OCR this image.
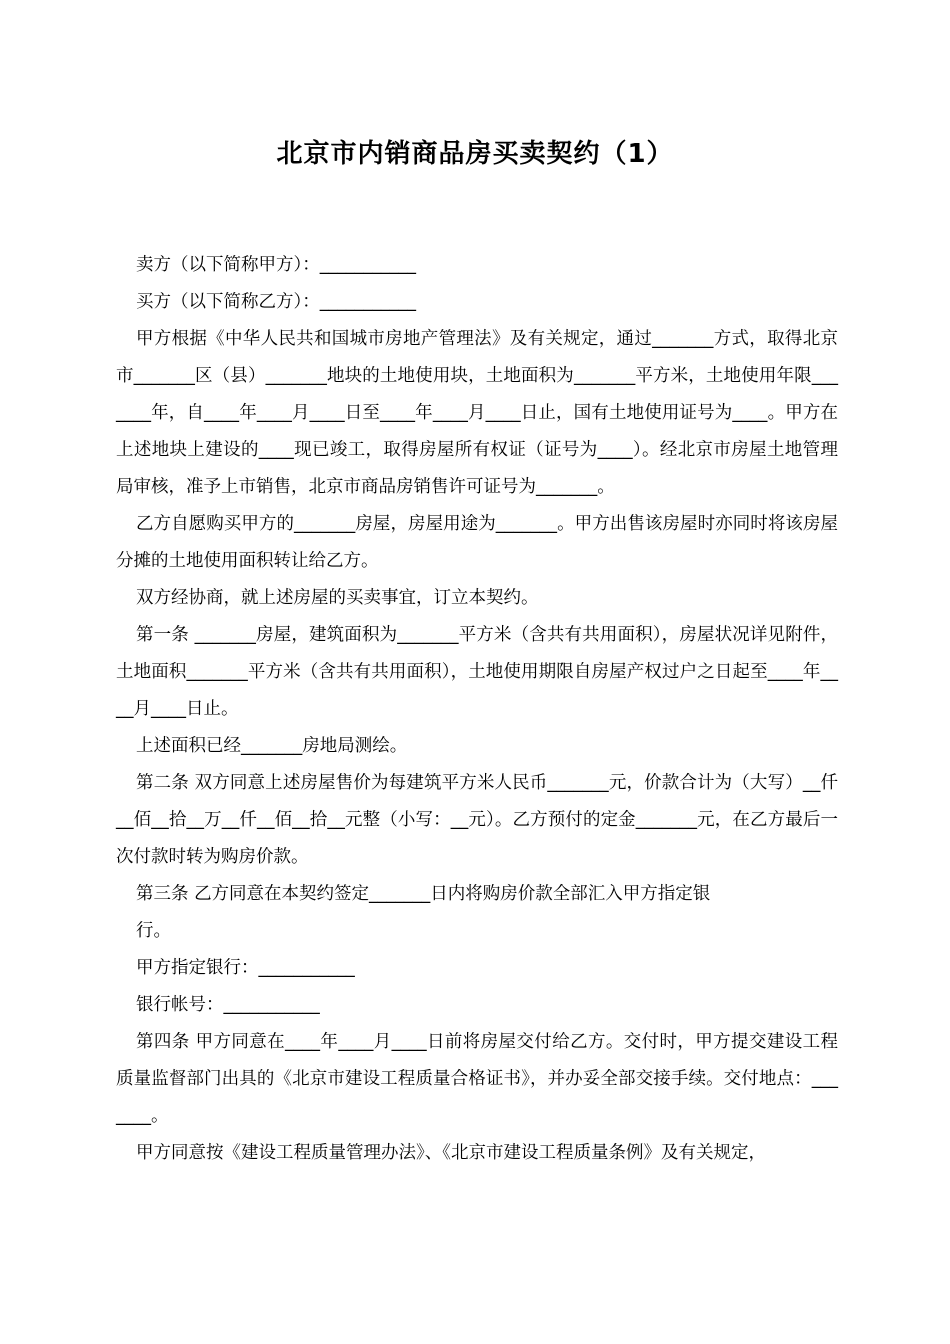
北京市内销商品房买卖契约（1）

卖方（以下简称甲方）：___________

买方（以下简称乙方）：___________

甲方根据《中华人民共和国城市房地产管理法》及有关规定，通过_______方式，取得北京市_______区（县）_______地块的土地使用块，土地面积为_______平方米，土地使用年限_______年，自____年____月____日至____年____月____日止，国有土地使用证号为____。甲方在上述地块上建设的____现已竣工，取得房屋所有权证（证号为____）。经北京市房屋土地管理局审核，准予上市销售，北京市商品房销售许可证号为_______。

乙方自愿购买甲方的_______房屋，房屋用途为_______。甲方出售该房屋时亦同时将该房屋分摊的土地使用面积转让给乙方。

双方经协商，就上述房屋的买卖事宜，订立本契约。

第一条 _______房屋，建筑面积为_______平方米（含共有共用面积），房屋状况详见附件，土地面积_______平方米（含共有共用面积），土地使用期限自房屋产权过户之日起至____年____月____日止。

上述面积已经_______房地局测绘。

第二条 双方同意上述房屋售价为每建筑平方米人民币_______元，价款合计为（大写）__仟__佰__拾__万__仟__佰__拾__元整（小写：__元）。乙方预付的定金_______元，在乙方最后一次付款时转为购房价款。

第三条 乙方同意在本契约签定_______日内将购房价款全部汇入甲方指定银

行。

甲方指定银行：___________

银行帐号：___________

第四条 甲方同意在____年____月____日前将房屋交付给乙方。交付时，甲方提交建设工程质量监督部门出具的《北京市建设工程质量合格证书》，并办妥全部交接手续。交付地点：_______。

甲方同意按《建设工程质量管理办法》、《北京市建设工程质量条例》及有关规定，
